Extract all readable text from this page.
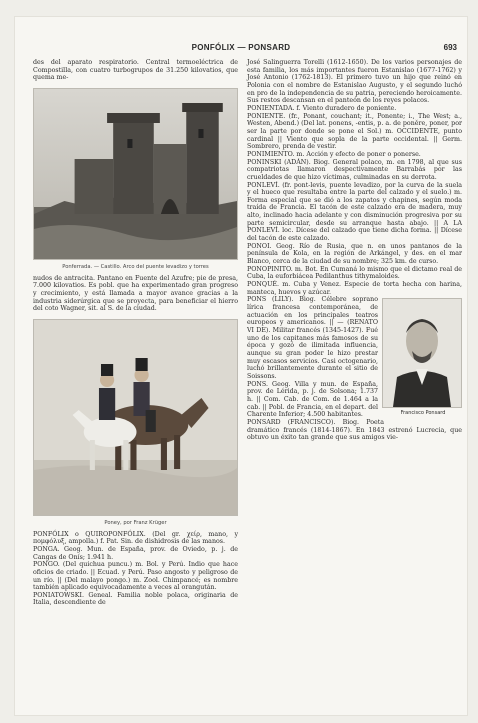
PONFÓLIX — PONSARD	693

des del aparato respiratorio. Central termoeléctrica de Compostilla, con cuatro turbogrupos de 31.250 kilovatios, que quema me-

Ponferrada. — Castillo. Arco del puente levadizo y torres

nudos de antracita. Pantano en Fuente del Azufre; pie de presa, 7.000 kilovatios. Es pobl. que ha experimentado gran progreso y crecimiento, y está llamada a mayor avance gracias a la industria siderúrgica que se proyecta, para beneficiar el hierro del coto Wagner, sit. al S. de la ciudad.

Poney, por Franz Krüger

PONFÓLIX o QUIROPONFÓLIX. (Del gr. χείρ, mano, y πομφόλυξ, ampolla.) f. Pat. Sin. de dishidrosis de las manos.

PONGA. Geog. Mun. de España, prov. de Oviedo, p. j. de Cangas de Onís; 1.941 h.

PONGO. (Del quichua puncu.) m. Bol. y Perú. Indio que hace oficios de criado. || Ecuad. y Perú. Paso angosto y peligroso de un río. || (Del malayo pongo.) m. Zool. Chimpancé; es nombre también aplicado equivocadamente a veces al orangután.

PONIATOWSKI. Geneal. Familia noble polaca, originaria de Italia, descendiente de

José Salinguerra Torelli (1612-1650). De los varios personajes de esta familia, los más importantes fueron Estanislao (1677-1762) y José Antonio (1762-1813). El primero tuvo un hijo que reinó en Polonia con el nombre de Estanislao Augusto, y el segundo luchó en pro de la independencia de su patria, pereciendo heroicamente. Sus restos descansan en el panteón de los reyes polacos.

PONIENTADA. f. Viento duradero de poniente.

PONIENTE. (fr., Ponant, couchant; it., Ponente; i., The West; a., Westen, Abend.) (Del lat. ponens, -entis, p. a. de ponĕre, poner, por ser la parte por donde se pone el Sol.) m. OCCIDENTE, punto cardinal || Viento que sopla de la parte occidental. || Germ. Sombrero, prenda de vestir.

PONIMIENTO. m. Acción y efecto de poner o ponerse.

PONINSKI (ADÁN). Biog. General polaco, m. en 1798, al que sus compatriotas llamaron despectivamente Barrabás por las crueldades de que hizo víctimas, culminadas en su derrota.

PONLEVÍ. (fr. pont-levis, puente levadizo, por la curva de la suela y el hueco que resultaba entre la parte del calzado y el suelo.) m. Forma especial que se dió a los zapatos y chapines, según moda traída de Francia. El tacón de este calzado era de madera, muy alto, inclinado hacia adelante y con disminución progresiva por su parte semicircular, desde su arranque hasta abajo. || A LA PONLEVÍ. loc. Dícese del calzado que tiene dicha forma. || Dícese del tacón de este calzado.

PONOI. Geog. Río de Rusia, que n. en unos pantanos de la península de Kola, en la región de Arkángel, y des. en el mar Blanco, cerca de la ciudad de su nombre; 325 km. de curso.

PONOPINITO. m. Bot. En Cumaná lo mismo que el dictamo real de Cuba, la euforbiácea Pedilanthus tithymaloides.

PONQUÉ. m. Cuba y Venez. Especie de torta hecha con harina, manteca, huevos y azúcar.

Francisco Ponsard

PONS (LILY). Biog. Célebre soprano lírica francesa contemporánea, de actuación en los principales teatros europeos y americanos. || — (RENATO VI DE). Militar francés (1345-1427). Fué uno de los capitanes más famosos de su época y gozó de ilimitada influencia, aunque su gran poder le hizo prestar muy escasos servicios. Casi octogenario, luchó brillantemente durante el sitio de Soissons.

PONS. Geog. Villa y mun. de España, prov. de Lérida, p. j. de Solsona; 1.737 h. || Com. Cab. de Com. de 1.464 a la cab. || Pobl. de Francia, en el depart. del Charente Inferior; 4.500 habitantes.

PONSARD (FRANCISCO). Biog. Poeta dramático francés (1814-1867). En 1843 estrenó Lucrecia, que obtuvo un éxito tan grande que sus amigos vie-
